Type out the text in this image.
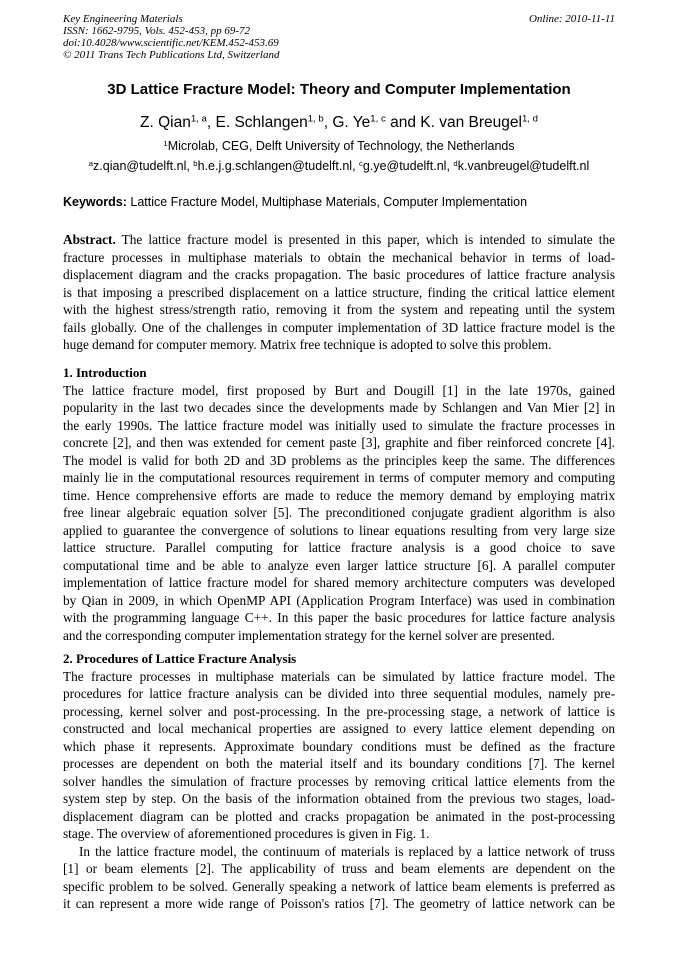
Key Engineering Materials
ISSN: 1662-9795, Vols. 452-453, pp 69-72
doi:10.4028/www.scientific.net/KEM.452-453.69
© 2011 Trans Tech Publications Ltd, Switzerland
Online: 2010-11-11
3D Lattice Fracture Model: Theory and Computer Implementation
Z. Qian$^{1, a}$, E. Schlangen$^{1, b}$, G. Ye$^{1, c}$ and K. van Breugel$^{1, d}$
$^1$Microlab, CEG, Delft University of Technology, the Netherlands
$^a$z.qian@tudelft.nl, $^b$h.e.j.g.schlangen@tudelft.nl, $^c$g.ye@tudelft.nl, $^d$k.vanbreugel@tudelft.nl
Keywords: Lattice Fracture Model, Multiphase Materials, Computer Implementation
Abstract. The lattice fracture model is presented in this paper, which is intended to simulate the
fracture processes in multiphase materials to obtain the mechanical behavior in terms of load-
displacement diagram and the cracks propagation. The basic procedures of lattice fracture analysis
is that imposing a prescribed displacement on a lattice structure, finding the critical lattice element
with the highest stress/strength ratio, removing it from the system and repeating until the system
fails globally. One of the challenges in computer implementation of 3D lattice fracture model is the
huge demand for computer memory. Matrix free technique is adopted to solve this problem.
1. Introduction
The lattice fracture model, first proposed by Burt and Dougill [1] in the late 1970s, gained
popularity in the last two decades since the developments made by Schlangen and Van Mier [2] in
the early 1990s. The lattice fracture model was initially used to simulate the fracture processes in
concrete [2], and then was extended for cement paste [3], graphite and fiber reinforced concrete [4].
The model is valid for both 2D and 3D problems as the principles keep the same. The differences
mainly lie in the computational resources requirement in terms of computer memory and computing
time. Hence comprehensive efforts are made to reduce the memory demand by employing matrix
free linear algebraic equation solver [5]. The preconditioned conjugate gradient algorithm is also
applied to guarantee the convergence of solutions to linear equations resulting from very large size
lattice structure. Parallel computing for lattice fracture analysis is a good choice to save
computational time and be able to analyze even larger lattice structure [6]. A parallel computer
implementation of lattice fracture model for shared memory architecture computers was developed
by Qian in 2009, in which OpenMP API (Application Program Interface) was used in combination
with the programming language C++. In this paper the basic procedures for lattice facture analysis
and the corresponding computer implementation strategy for the kernel solver are presented.
2. Procedures of Lattice Fracture Analysis
The fracture processes in multiphase materials can be simulated by lattice fracture model. The
procedures for lattice fracture analysis can be divided into three sequential modules, namely pre-
processing, kernel solver and post-processing. In the pre-processing stage, a network of lattice is
constructed and local mechanical properties are assigned to every lattice element depending on
which phase it represents. Approximate boundary conditions must be defined as the fracture
processes are dependent on both the material itself and its boundary conditions [7]. The kernel
solver handles the simulation of fracture processes by removing critical lattice elements from the
system step by step. On the basis of the information obtained from the previous two stages, load-
displacement diagram can be plotted and cracks propagation be animated in the post-processing
stage. The overview of aforementioned procedures is given in Fig. 1.
In the lattice fracture model, the continuum of materials is replaced by a lattice network of truss
[1] or beam elements [2]. The applicability of truss and beam elements are dependent on the
specific problem to be solved. Generally speaking a network of lattice beam elements is preferred as
it can represent a more wide range of Poisson's ratios [7]. The geometry of lattice network can be
